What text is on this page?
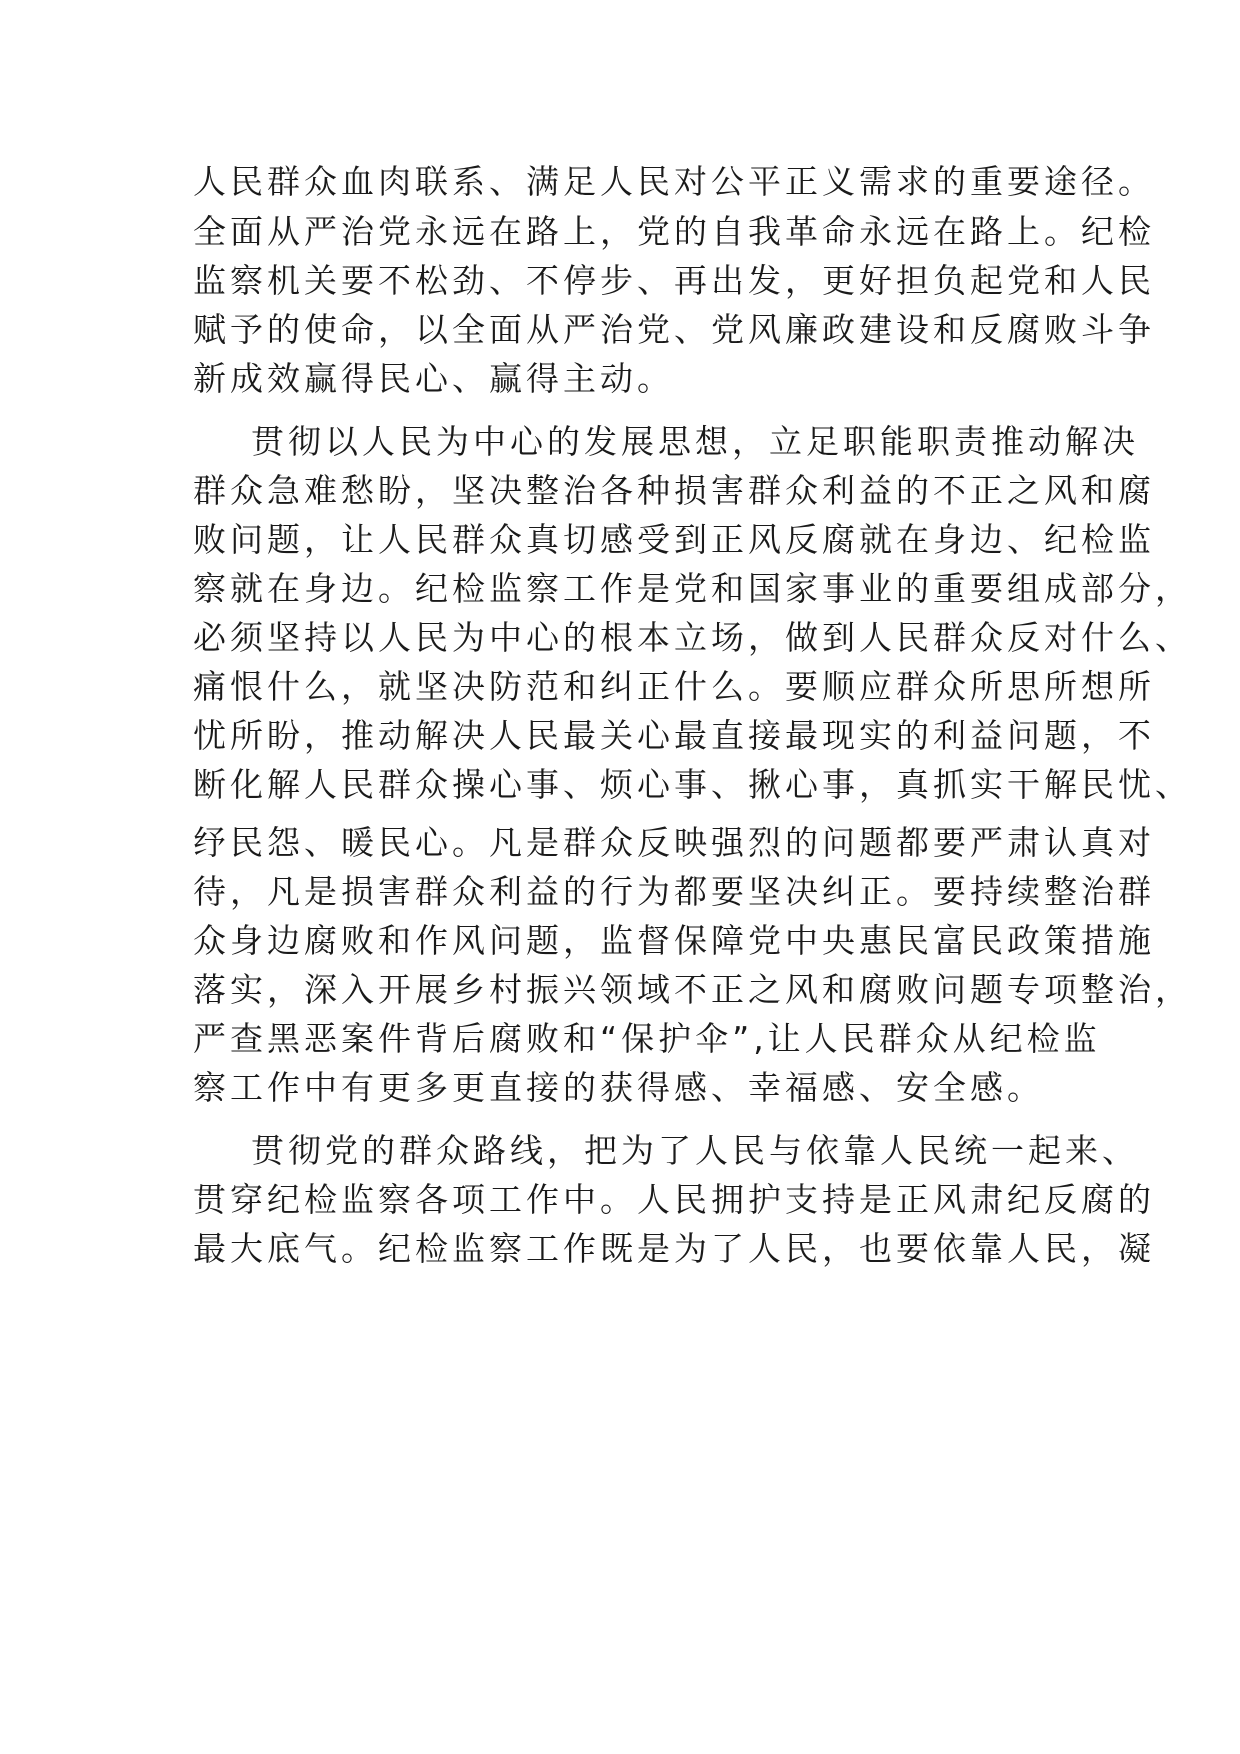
人民群众血肉联系、满足人民对公平正义需求的重要途径。
全面从严治党永远在路上，党的自我革命永远在路上。纪检
监察机关要不松劲、不停步、再出发，更好担负起党和人民
赋予的使命，以全面从严治党、党风廉政建设和反腐败斗争
新成效赢得民心、赢得主动。
贯彻以人民为中心的发展思想，立足职能职责推动解决
群众急难愁盼，坚决整治各种损害群众利益的不正之风和腐
败问题，让人民群众真切感受到正风反腐就在身边、纪检监
察就在身边。纪检监察工作是党和国家事业的重要组成部分，
必须坚持以人民为中心的根本立场，做到人民群众反对什么、
痛恨什么，就坚决防范和纠正什么。要顺应群众所思所想所
忧所盼，推动解决人民最关心最直接最现实的利益问题，不
断化解人民群众操心事、烦心事、揪心事，真抓实干解民忧、
纾民怨、暖民心。凡是群众反映强烈的问题都要严肃认真对
待，凡是损害群众利益的行为都要坚决纠正。要持续整治群
众身边腐败和作风问题，监督保障党中央惠民富民政策措施
落实，深入开展乡村振兴领域不正之风和腐败问题专项整治，
严查黑恶案件背后腐败和“保护伞”,让人民群众从纪检监
察工作中有更多更直接的获得感、幸福感、安全感。
贯彻党的群众路线，把为了人民与依靠人民统一起来、
贯穿纪检监察各项工作中。人民拥护支持是正风肃纪反腐的
最大底气。纪检监察工作既是为了人民，也要依靠人民，凝
